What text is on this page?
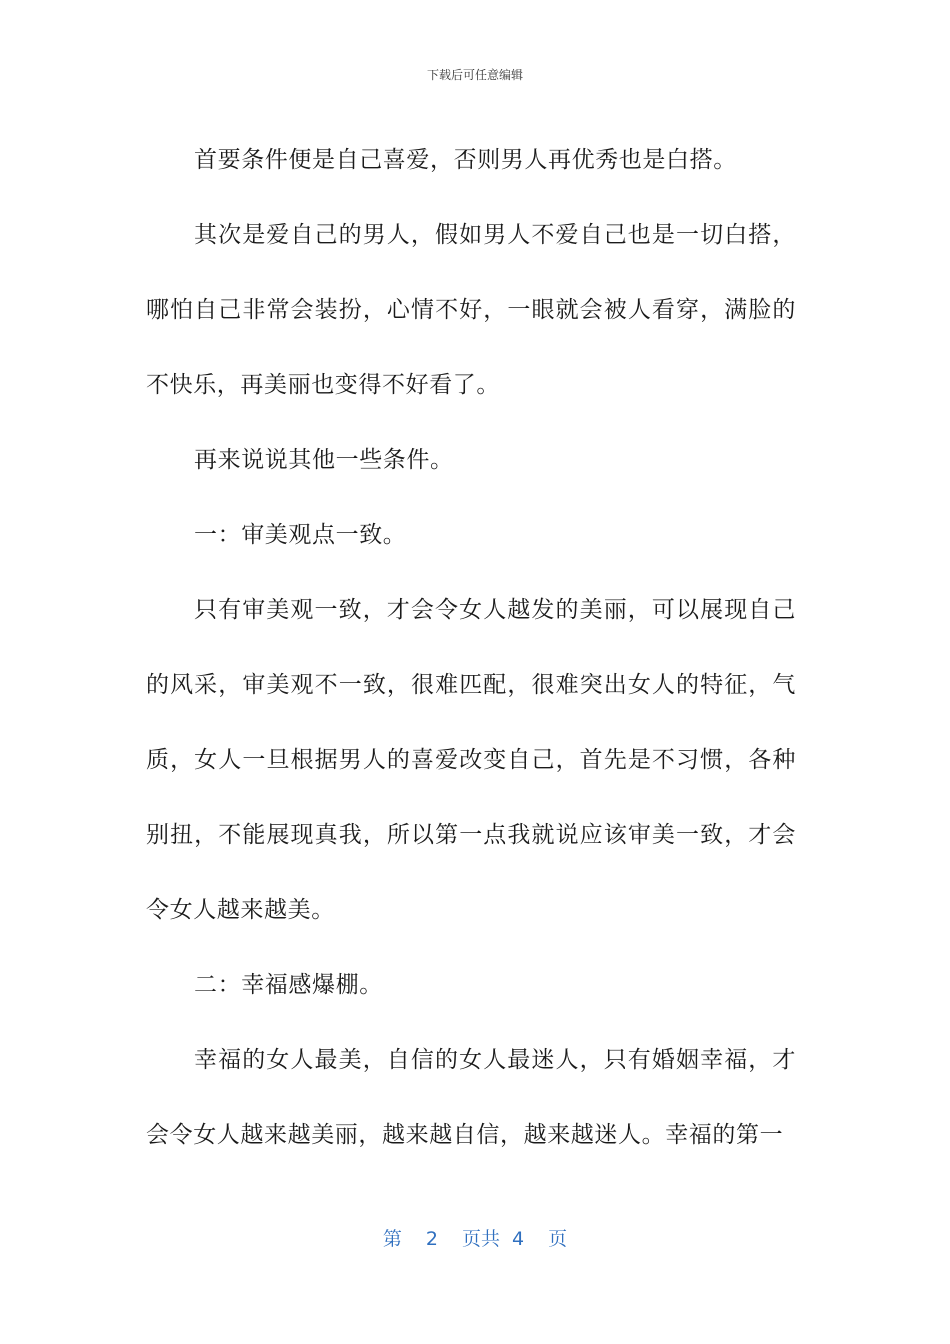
下载后可任意编辑

首要条件便是自己喜爱，否则男人再优秀也是白搭。

其次是爱自己的男人，假如男人不爱自己也是一切白搭，哪怕自己非常会装扮，心情不好，一眼就会被人看穿，满脸的不快乐，再美丽也变得不好看了。

再来说说其他一些条件。

一：审美观点一致。

只有审美观一致，才会令女人越发的美丽，可以展现自己的风采，审美观不一致，很难匹配，很难突出女人的特征，气质，女人一旦根据男人的喜爱改变自己，首先是不习惯，各种别扭，不能展现真我，所以第一点我就说应该审美一致，才会令女人越来越美。

二：幸福感爆棚。

幸福的女人最美，自信的女人最迷人，只有婚姻幸福，才会令女人越来越美丽，越来越自信，越来越迷人。幸福的第一

第 2 页共 4 页
